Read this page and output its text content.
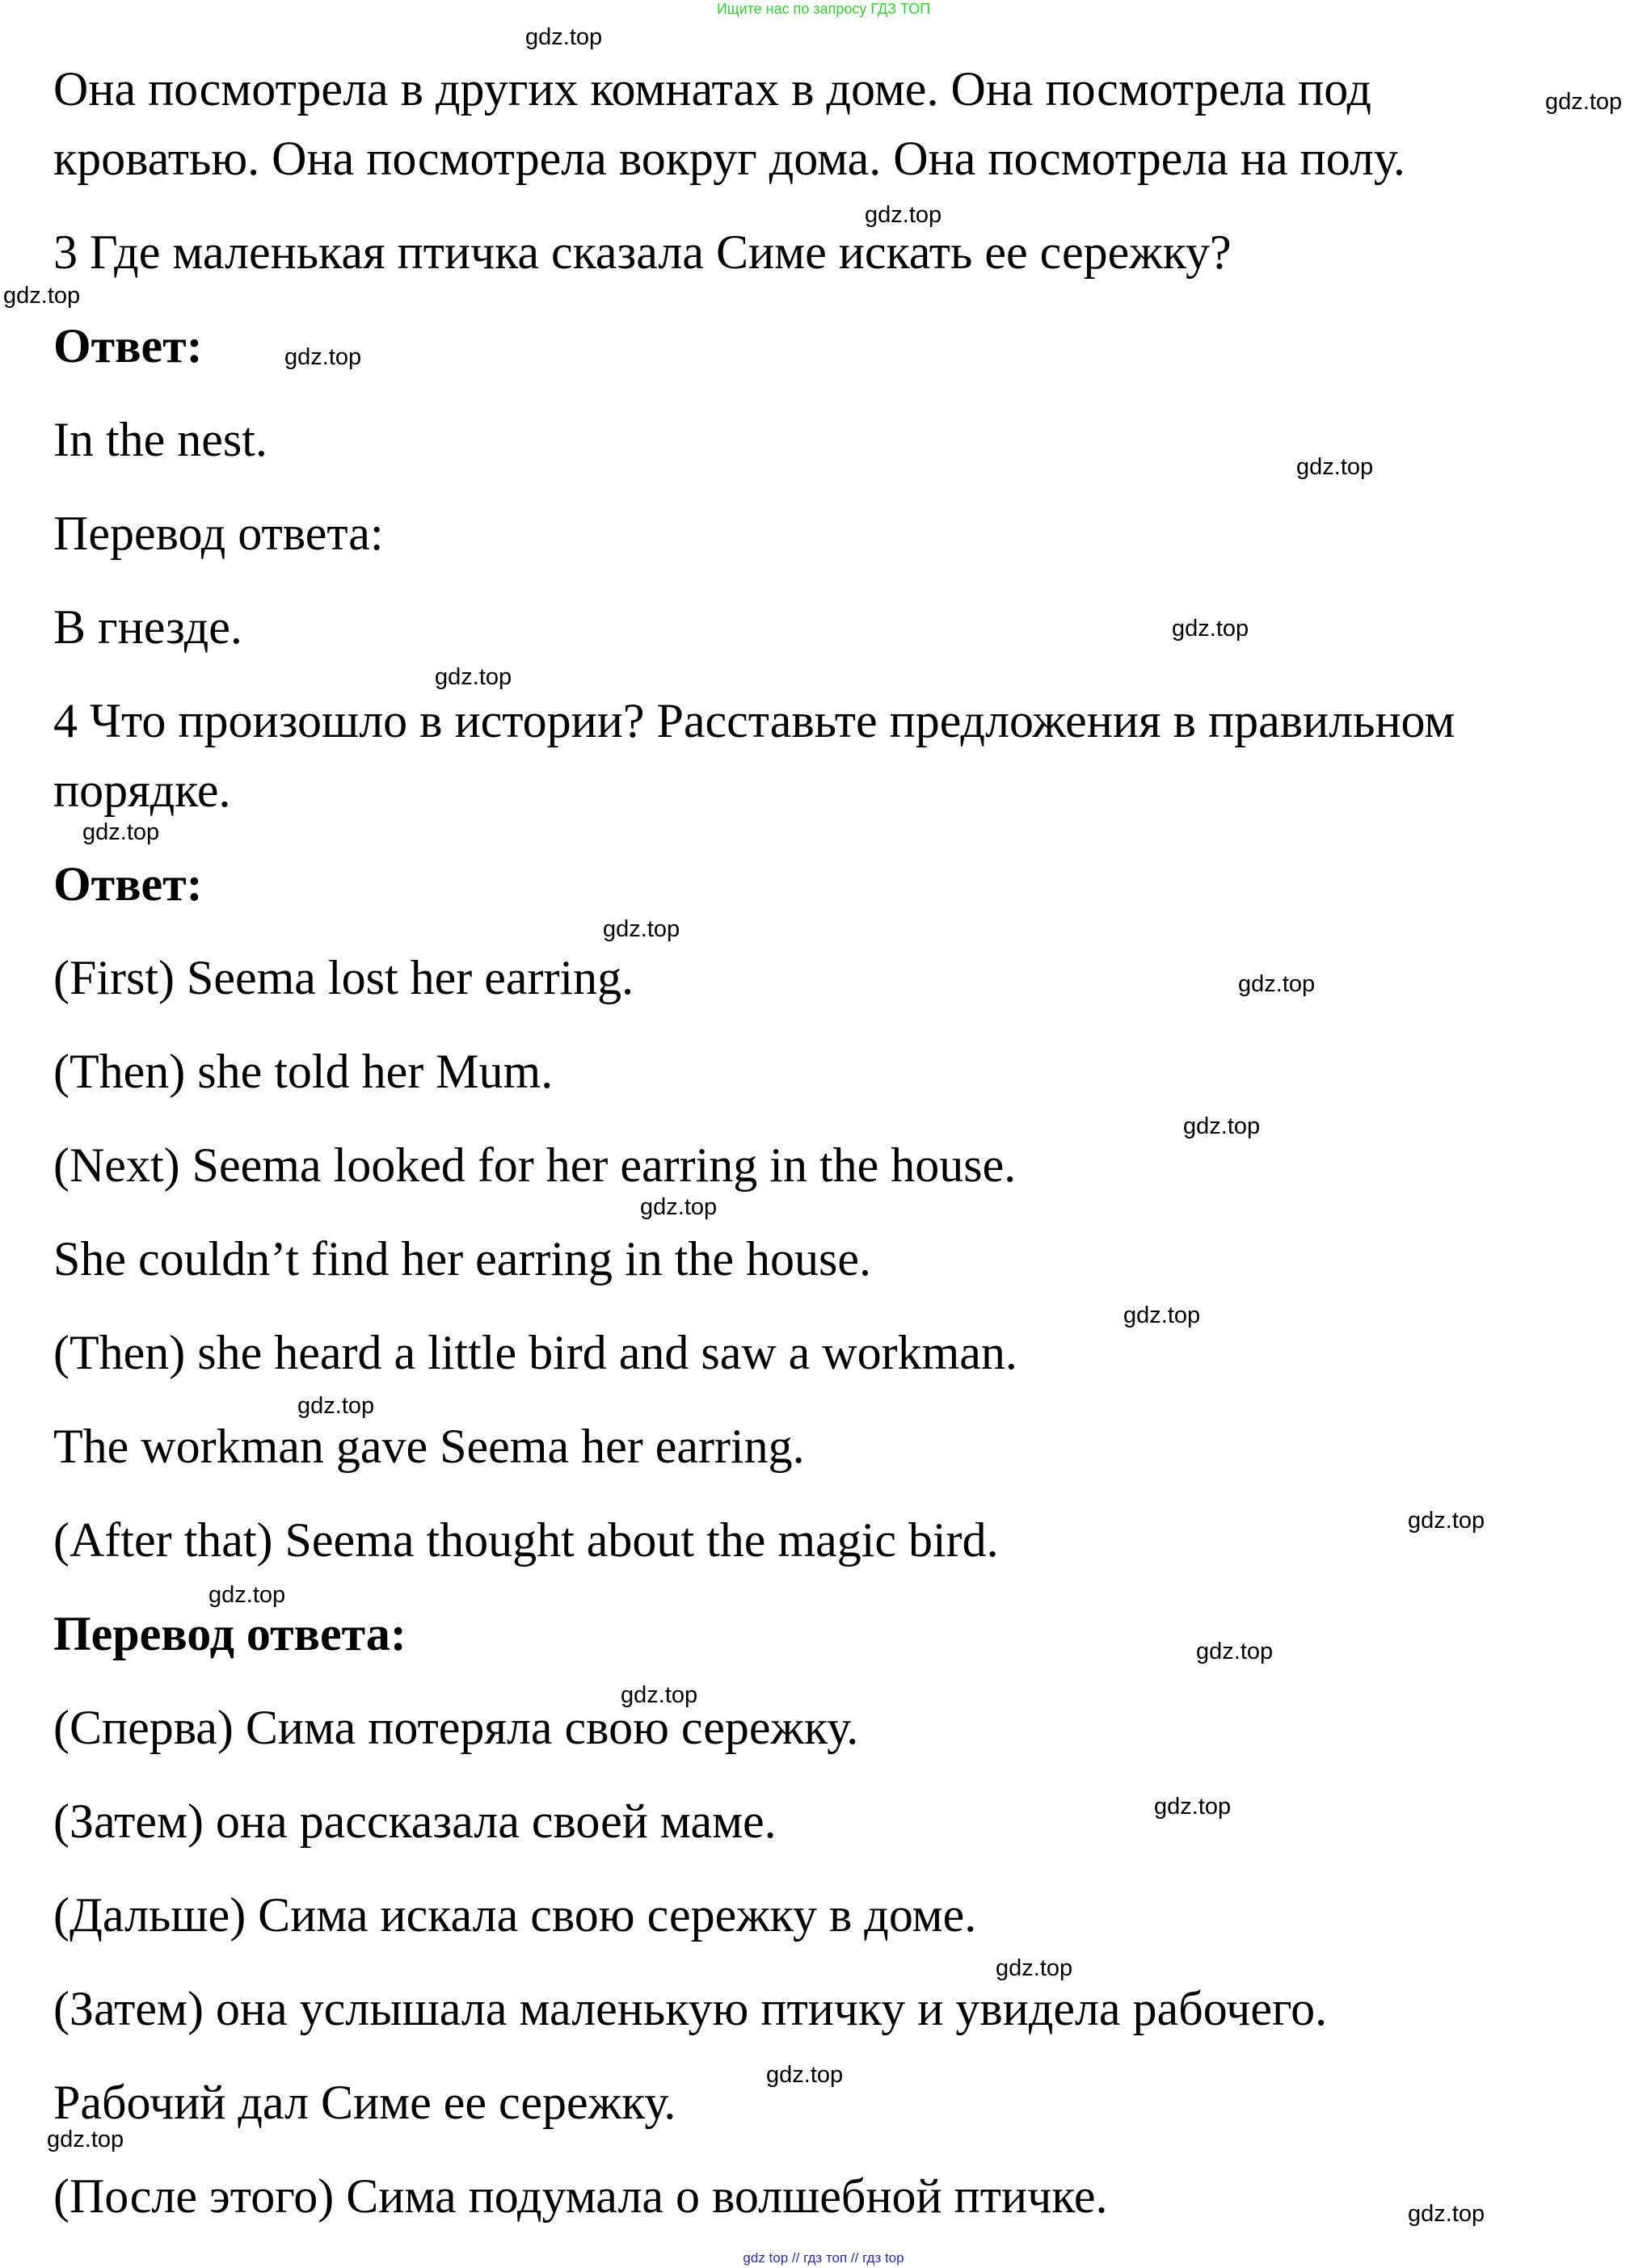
Ищите нас по запросу ГДЗ ТОП
Она посмотрела в других комнатах в доме. Она посмотрела под
кроватью. Она посмотрела вокруг дома. Она посмотрела на полу.
3 Где маленькая птичка сказала Симе искать ее сережку?
Ответ:
In the nest.
Перевод ответа:
В гнезде.
4 Что произошло в истории? Расставьте предложения в правильном
порядке.
Ответ:
(First) Seema lost her earring.
(Then) she told her Mum.
(Next) Seema looked for her earring in the house.
She couldn’t find her earring in the house.
(Then) she heard a little bird and saw a workman.
The workman gave Seema her earring.
(After that) Seema thought about the magic bird.
Перевод ответа:
(Сперва) Сима потеряла свою сережку.
(Затем) она рассказала своей маме.
(Дальше) Сима искала свою сережку в доме.
(Затем) она услышала маленькую птичку и увидела рабочего.
Рабочий дал Симе ее сережку.
(После этого) Сима подумала о волшебной птичке.
gdz.top
gdz.top
gdz.top
gdz.top
gdz.top
gdz.top
gdz.top
gdz.top
gdz.top
gdz.top
gdz.top
gdz.top
gdz.top
gdz.top
gdz.top
gdz.top
gdz.top
gdz.top
gdz.top
gdz.top
gdz.top
gdz.top
gdz.top
gdz.top
gdz top // гдз топ // гдз top
